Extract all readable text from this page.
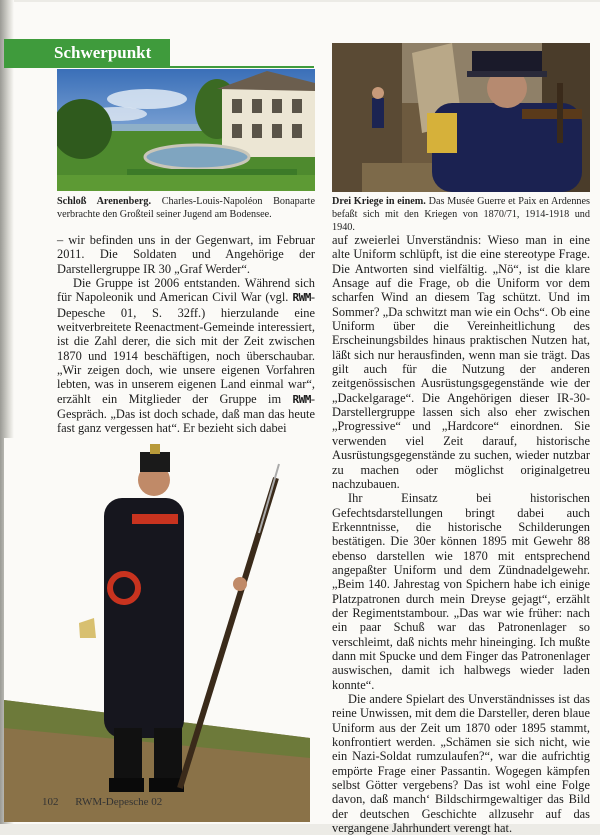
Schwerpunkt
Schloß Arenenberg. Charles-Louis-Napoléon Bonaparte verbrachte den Großteil seiner Jugend am Bodensee.
Drei Kriege in einem. Das Musée Guerre et Paix en Ardennes befaßt sich mit den Kriegen von 1870/71, 1914-1918 und 1940.

– wir befinden uns in der Gegenwart, im Februar 2011. Die Soldaten und Angehörige der Darstellergruppe IR 30 „Graf Werder“.

Die Gruppe ist 2006 entstanden. Während sich für Napoleonik und American Civil War (vgl. RWM-Depesche 01, S. 32ff.) hierzulande eine weitverbreitete Reenactment-Gemeinde interessiert, ist die Zahl derer, die sich mit der Zeit zwischen 1870 und 1914 beschäftigen, noch überschaubar. „Wir zeigen doch, wie unsere eigenen Vorfahren lebten, was in unserem eigenen Land einmal war“, erzählt ein Mitglieder der Gruppe im RWM-Gespräch. „Das ist doch schade, daß man das heute fast ganz vergessen hat“. Er bezieht sich dabei

auf zweierlei Unverständnis: Wieso man in eine alte Uniform schlüpft, ist die eine stereotype Frage. Die Antworten sind vielfältig. „Nö“, ist die klare Ansage auf die Frage, ob die Uniform vor dem scharfen Wind an diesem Tag schützt. Und im Sommer? „Da schwitzt man wie ein Ochs“. Ob eine Uniform über die Vereinheitlichung des Erscheinungsbildes hinaus praktischen Nutzen hat, läßt sich nur herausfinden, wenn man sie trägt. Das gilt auch für die Nutzung der anderen zeitgenössischen Ausrüstungsgegenstände wie der „Dackelgarage“. Die Angehörigen dieser IR-30-Darstellergruppe lassen sich also eher zwischen „Progressive“ und „Hardcore“ einordnen. Sie verwenden viel Zeit darauf, historische Ausrüstungsgegenstände zu suchen, wieder nutzbar zu machen oder möglichst originalgetreu nachzubauen.

Ihr Einsatz bei historischen Gefechtsdarstellungen bringt dabei auch Erkenntnisse, die historische Schilderungen bestätigen. Die 30er können 1895 mit Gewehr 88 ebenso darstellen wie 1870 mit entsprechend angepaßter Uniform und dem Zündnadelgewehr. „Beim 140. Jahrestag von Spichern habe ich einige Platzpatronen durch mein Dreyse gejagt“, erzählt der Regimentstambour. „Das war wie früher: nach ein paar Schuß war das Patronenlager so verschleimt, daß nichts mehr hineinging. Ich mußte dann mit Spucke und dem Finger das Patronenlager auswischen, damit ich halbwegs wieder laden konnte“.

Die andere Spielart des Unverständnisses ist das reine Unwissen, mit dem die Darsteller, deren blaue Uniform aus der Zeit um 1870 oder 1895 stammt, konfrontiert werden. „Schämen sie sich nicht, wie ein Nazi-Soldat rumzulaufen?“, war die aufrichtig empörte Frage einer Passantin. Wogegen kämpfen selbst Götter vergebens? Das ist wohl eine Folge davon, daß manch‘ Bildschirmgewaltiger das Bild der deutschen Geschichte allzusehr auf das vergangene Jahrhundert verengt hat.

102 RWM-Depesche 02
